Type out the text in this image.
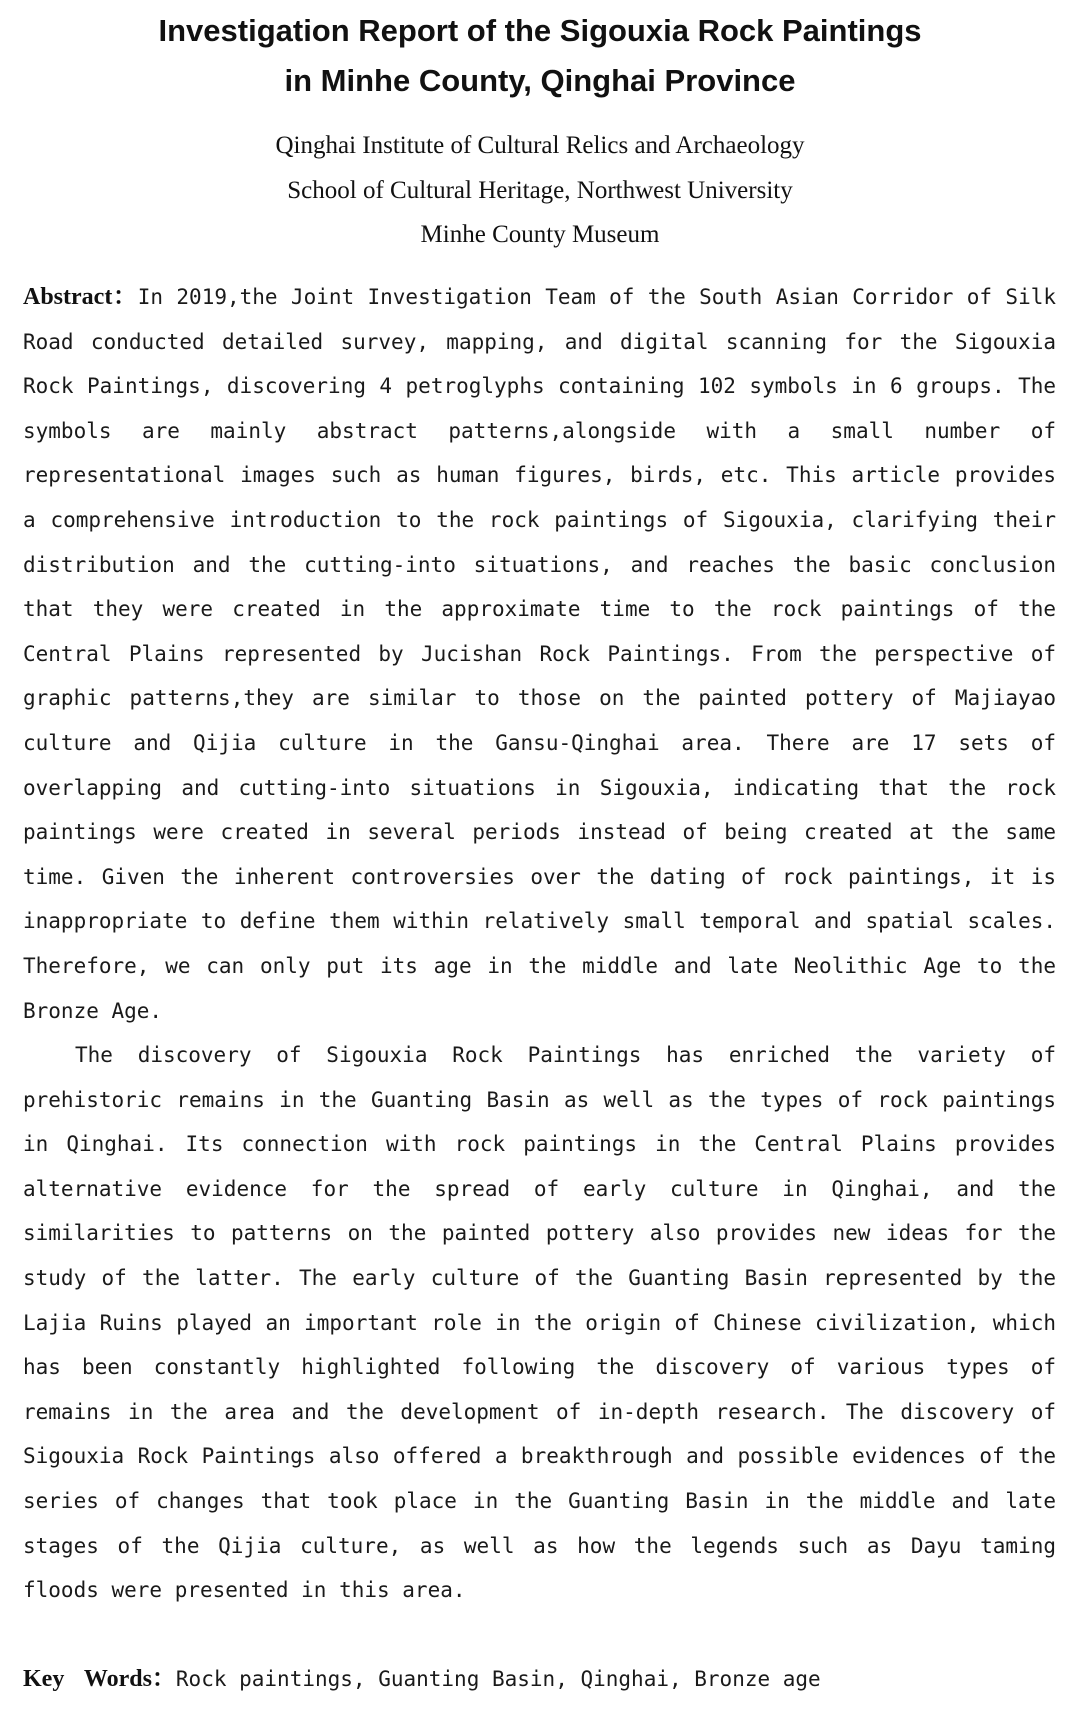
Investigation Report of the Sigouxia Rock Paintings
in Minhe County, Qinghai Province
Qinghai Institute of Cultural Relics and Archaeology
School of Cultural Heritage, Northwest University
Minhe County Museum

Abstract：In 2019,the Joint Investigation Team of the South Asian Corridor of Silk Road conducted detailed survey, mapping, and digital scanning for the Sigouxia Rock Paintings, discovering 4 petroglyphs containing 102 symbols in 6 groups. The symbols are mainly abstract patterns,alongside with a small number of representational images such as human figures, birds, etc. This article provides a comprehensive introduction to the rock paintings of Sigouxia, clarifying their distribution and the cutting-into situations, and reaches the basic conclusion that they were created in the approximate time to the rock paintings of the Central Plains represented by Jucishan Rock Paintings. From the perspective of graphic patterns,they are similar to those on the painted pottery of Majiayao culture and Qijia culture in the Gansu-Qinghai area. There are 17 sets of overlapping and cutting-into situations in Sigouxia, indicating that the rock paintings were created in several periods instead of being created at the same time. Given the inherent controversies over the dating of rock paintings, it is inappropriate to define them within relatively small temporal and spatial scales. Therefore, we can only put its age in the middle and late Neolithic Age to the Bronze Age.

The discovery of Sigouxia Rock Paintings has enriched the variety of prehistoric remains in the Guanting Basin as well as the types of rock paintings in Qinghai. Its connection with rock paintings in the Central Plains provides alternative evidence for the spread of early culture in Qinghai, and the similarities to patterns on the painted pottery also provides new ideas for the study of the latter. The early culture of the Guanting Basin represented by the Lajia Ruins played an important role in the origin of Chinese civilization, which has been constantly highlighted following the discovery of various types of remains in the area and the development of in-depth research. The discovery of Sigouxia Rock Paintings also offered a breakthrough and possible evidences of the series of changes that took place in the Guanting Basin in the middle and late stages of the Qijia culture, as well as how the legends such as Dayu taming floods were presented in this area.

Key Words：Rock paintings, Guanting Basin, Qinghai, Bronze age
